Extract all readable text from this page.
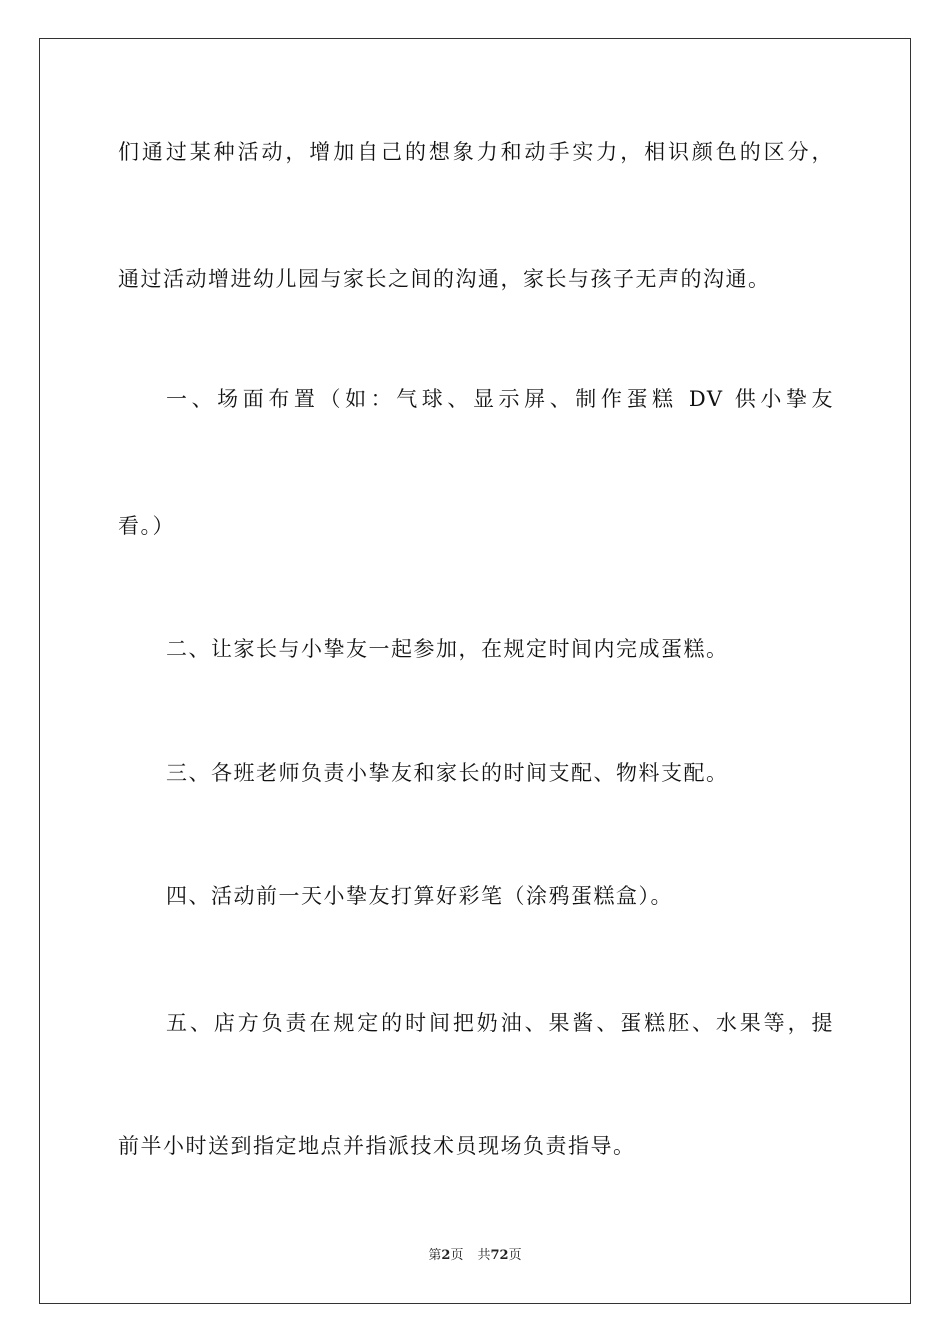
们通过某种活动，增加自己的想象力和动手实力，相识颜色的区分，
通过活动增进幼儿园与家长之间的沟通，家长与孩子无声的沟通。
一、场面布置（如：气球、显示屏、制作蛋糕 DV 供小挚友
看。）
二、让家长与小挚友一起参加，在规定时间内完成蛋糕。
三、各班老师负责小挚友和家长的时间支配、物料支配。
四、活动前一天小挚友打算好彩笔（涂鸦蛋糕盒）。
五、店方负责在规定的时间把奶油、果酱、蛋糕胚、水果等，提
前半小时送到指定地点并指派技术员现场负责指导。
第2页 共72页
